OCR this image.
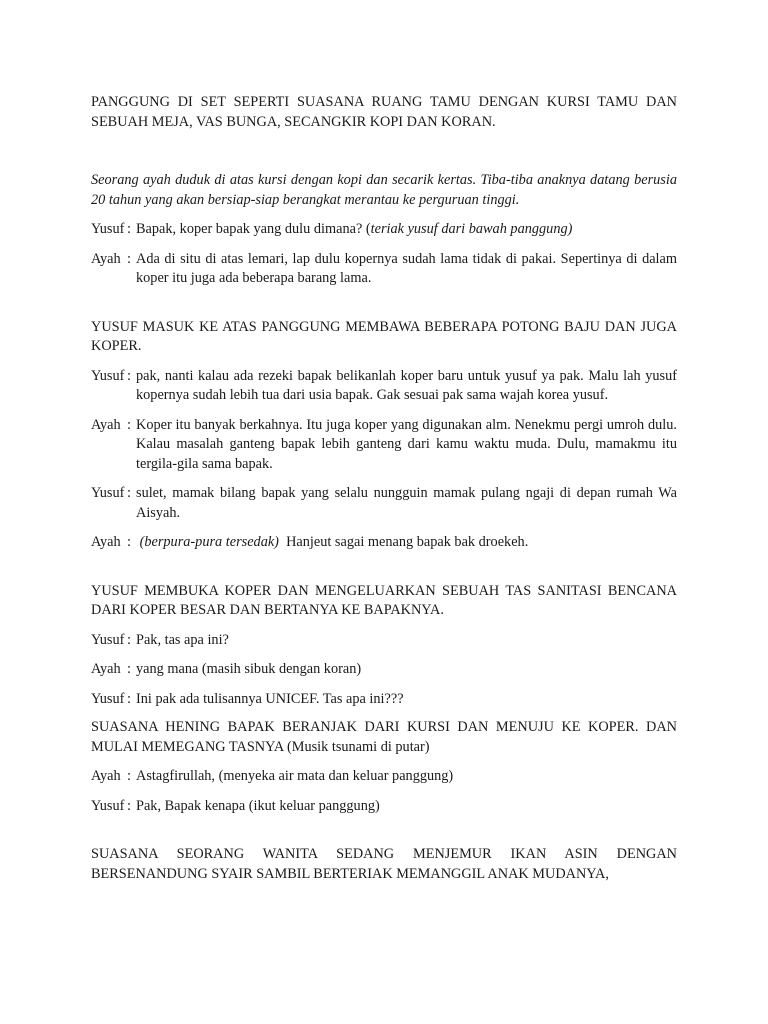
PANGGUNG DI SET SEPERTI SUASANA RUANG TAMU DENGAN KURSI TAMU DAN SEBUAH MEJA, VAS BUNGA, SECANGKIR KOPI DAN KORAN.

Seorang ayah duduk di atas kursi dengan kopi dan secarik kertas. Tiba-tiba anaknya datang berusia 20 tahun yang akan bersiap-siap berangkat merantau ke perguruan tinggi.

Yusuf : Bapak, koper bapak yang dulu dimana? (teriak yusuf dari bawah panggung)
Ayah : Ada di situ di atas lemari, lap dulu kopernya sudah lama tidak di pakai. Sepertinya di dalam koper itu juga ada beberapa barang lama.

YUSUF MASUK KE ATAS PANGGUNG MEMBAWA BEBERAPA POTONG BAJU DAN JUGA KOPER.

Yusuf : pak, nanti kalau ada rezeki bapak belikanlah koper baru untuk yusuf ya pak. Malu lah yusuf kopernya sudah lebih tua dari usia bapak. Gak sesuai pak sama wajah korea yusuf.
Ayah : Koper itu banyak berkahnya. Itu juga koper yang digunakan alm. Nenekmu pergi umroh dulu. Kalau masalah ganteng bapak lebih ganteng dari kamu waktu muda. Dulu, mamakmu itu tergila-gila sama bapak.
Yusuf : sulet, mamak bilang bapak yang selalu nungguin mamak pulang ngaji di depan rumah Wa Aisyah.
Ayah : (berpura-pura tersedak)  Hanjeut sagai menang bapak bak droekeh.

YUSUF MEMBUKA KOPER DAN MENGELUARKAN SEBUAH TAS SANITASI BENCANA DARI KOPER BESAR DAN BERTANYA KE BAPAKNYA.

Yusuf : Pak, tas apa ini?
Ayah : yang mana (masih sibuk dengan koran)
Yusuf : Ini pak ada tulisannya UNICEF. Tas apa ini???

SUASANA HENING BAPAK BERANJAK DARI KURSI DAN MENUJU KE KOPER. DAN MULAI MEMEGANG TASNYA (Musik tsunami di putar)

Ayah : Astagfirullah, (menyeka air mata dan keluar panggung)
Yusuf : Pak, Bapak kenapa (ikut keluar panggung)

SUASANA SEORANG WANITA SEDANG MENJEMUR IKAN ASIN DENGAN BERSENANDUNG SYAIR SAMBIL BERTERIAK MEMANGGIL ANAK MUDANYA,
